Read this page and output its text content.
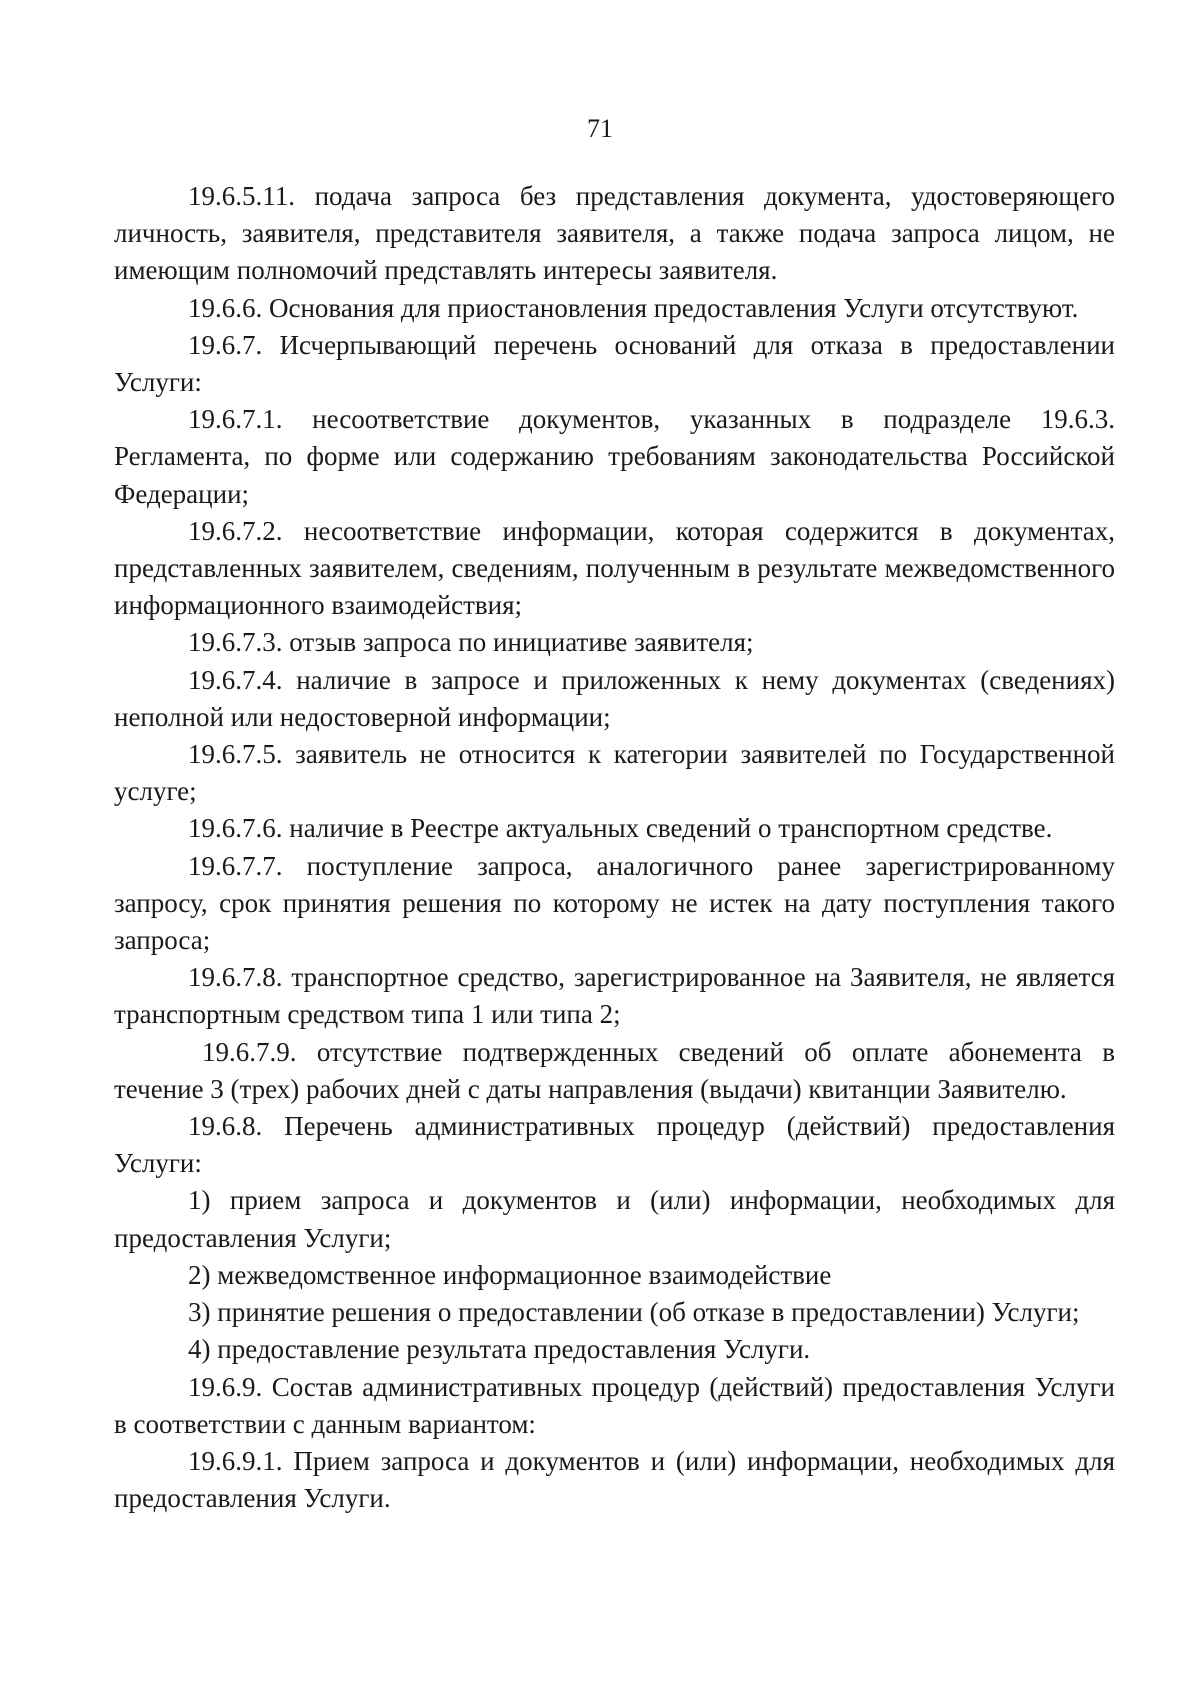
71

19.6.5.11. подача запроса без представления документа, удостоверяющего личность, заявителя, представителя заявителя, а также подача запроса лицом, не имеющим полномочий представлять интересы заявителя.

19.6.6. Основания для приостановления предоставления Услуги отсутствуют.

19.6.7. Исчерпывающий перечень оснований для отказа в предоставлении Услуги:

19.6.7.1. несоответствие документов, указанных в подразделе 19.6.3. Регламента, по форме или содержанию требованиям законодательства Российской Федерации;

19.6.7.2. несоответствие информации, которая содержится в документах, представленных заявителем, сведениям, полученным в результате межведомственного информационного взаимодействия;

19.6.7.3. отзыв запроса по инициативе заявителя;

19.6.7.4. наличие в запросе и приложенных к нему документах (сведениях) неполной или недостоверной информации;

19.6.7.5. заявитель не относится к категории заявителей по Государственной услуге;

19.6.7.6. наличие в Реестре актуальных сведений о транспортном средстве.

19.6.7.7. поступление запроса, аналогичного ранее зарегистрированному запросу, срок принятия решения по которому не истек на дату поступления такого запроса;

19.6.7.8. транспортное средство, зарегистрированное на Заявителя, не является транспортным средством типа 1 или типа 2;

19.6.7.9. отсутствие подтвержденных сведений об оплате абонемента в течение 3 (трех) рабочих дней с даты направления (выдачи) квитанции Заявителю.

19.6.8. Перечень административных процедур (действий) предоставления Услуги:

1) прием запроса и документов и (или) информации, необходимых для предоставления Услуги;

2) межведомственное информационное взаимодействие

3) принятие решения о предоставлении (об отказе в предоставлении) Услуги;

4) предоставление результата предоставления Услуги.

19.6.9. Состав административных процедур (действий) предоставления Услуги в соответствии с данным вариантом:

19.6.9.1. Прием запроса и документов и (или) информации, необходимых для предоставления Услуги.
